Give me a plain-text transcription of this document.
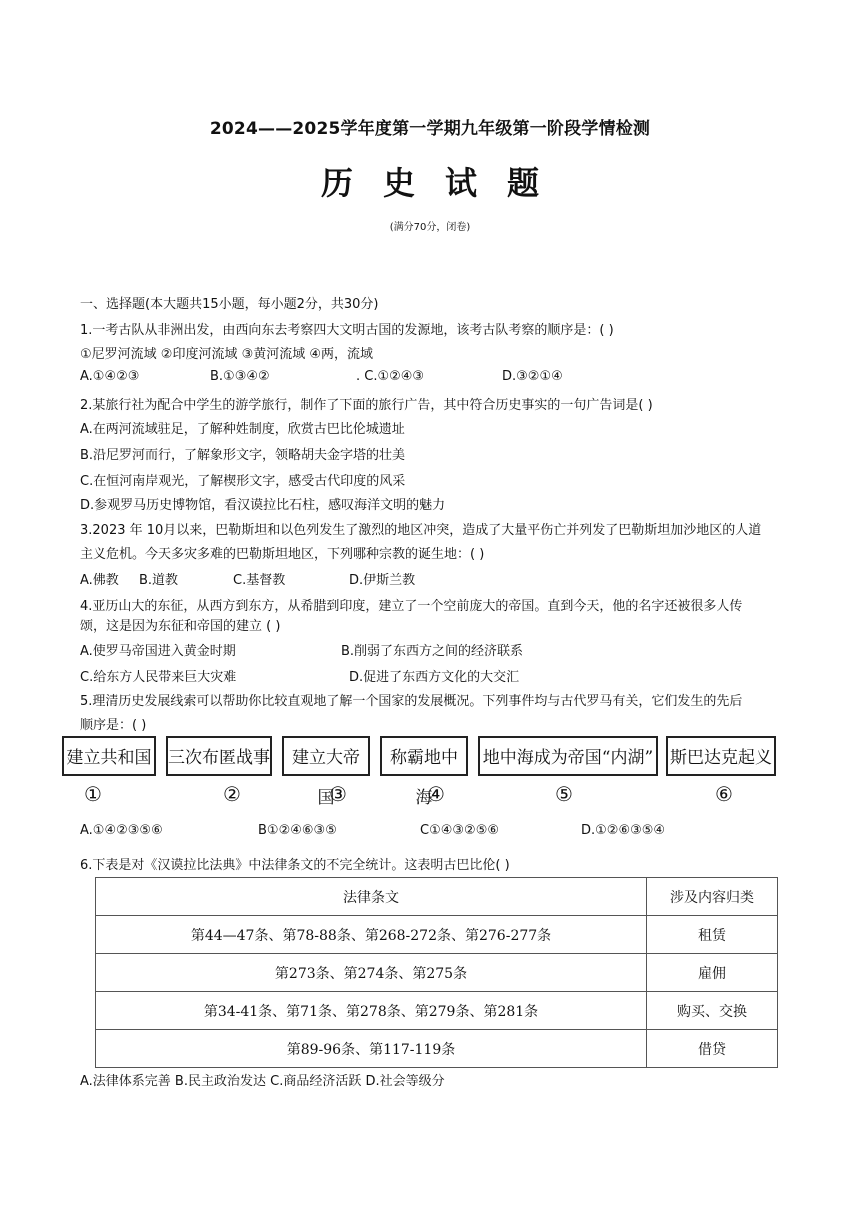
2024——2025学年度第一学期九年级第一阶段学情检测
历史试题
(满分70分，闭卷)
一、选择题(本大题共15小题，每小题2分，共30分)
1.一考古队从非洲出发，由西向东去考察四大文明古国的发源地，该考古队考察的顺序是：( )
①尼罗河流域 ②印度河流域 ③黄河流域 ④两，流域
A.①④②③	B.①③④②	. C.①②④③	D.③②①④
2.某旅行社为配合中学生的游学旅行，制作了下面的旅行广告，其中符合历史事实的一句广告词是( )
A.在两河流域驻足，了解种姓制度，欣赏古巴比伦城遗址
B.沿尼罗河而行，了解象形文字，领略胡夫金字塔的壮美
C.在恒河南岸观光，了解楔形文字，感受古代印度的风采
D.参观罗马历史博物馆，看汉谟拉比石柱，感叹海洋文明的魅力
3.2023 年 10月以来，巴勒斯坦和以色列发生了激烈的地区冲突，造成了大量平伤亡并列发了巴勒斯坦加沙地区的人道
主义危机。今天多灾多难的巴勒斯坦地区，下列哪种宗教的诞生地：( )
A.佛教 B.道教	C.基督教	D.伊斯兰教
4.亚历山大的东征，从西方到东方，从希腊到印度，建立了一个空前庞大的帝国。直到今天，他的名字还被很多人传
颂，这是因为东征和帝国的建立 ( )
A.使罗马帝国进入黄金时期	B.削弱了东西方之间的经济联系
C.给东方人民带来巨大灾难	D.促进了东西方文化的大交汇
5.理清历史发展线索可以帮助你比较直观地了解一个国家的发展概况。下列事件均与古代罗马有关，它们发生的先后
顺序是：( )
建立共和国
①
三次布匿战事
②
建立大帝国
③
称霸地中海
④
地中海成为帝国“内湖”
⑤
斯巴达克起义
⑥
A.①④②③⑤⑥	B①②④⑥③⑤	C①④③②⑤⑥	D.①②⑥③⑤④
6.下表是对《汉谟拉比法典》中法律条文的不完全统计。这表明古巴比伦( )
法律条文	涉及内容归类
第44—47条、第78-88条、第268-272条、第276-277条	租赁
第273条、第274条、第275条	雇佣
第34-41条、第71条、第278条、第279条、第281条	购买、交换
第89-96条、第117-119条	借贷
A.法律体系完善 B.民主政治发达 C.商品经济活跃 D.社会等级分
